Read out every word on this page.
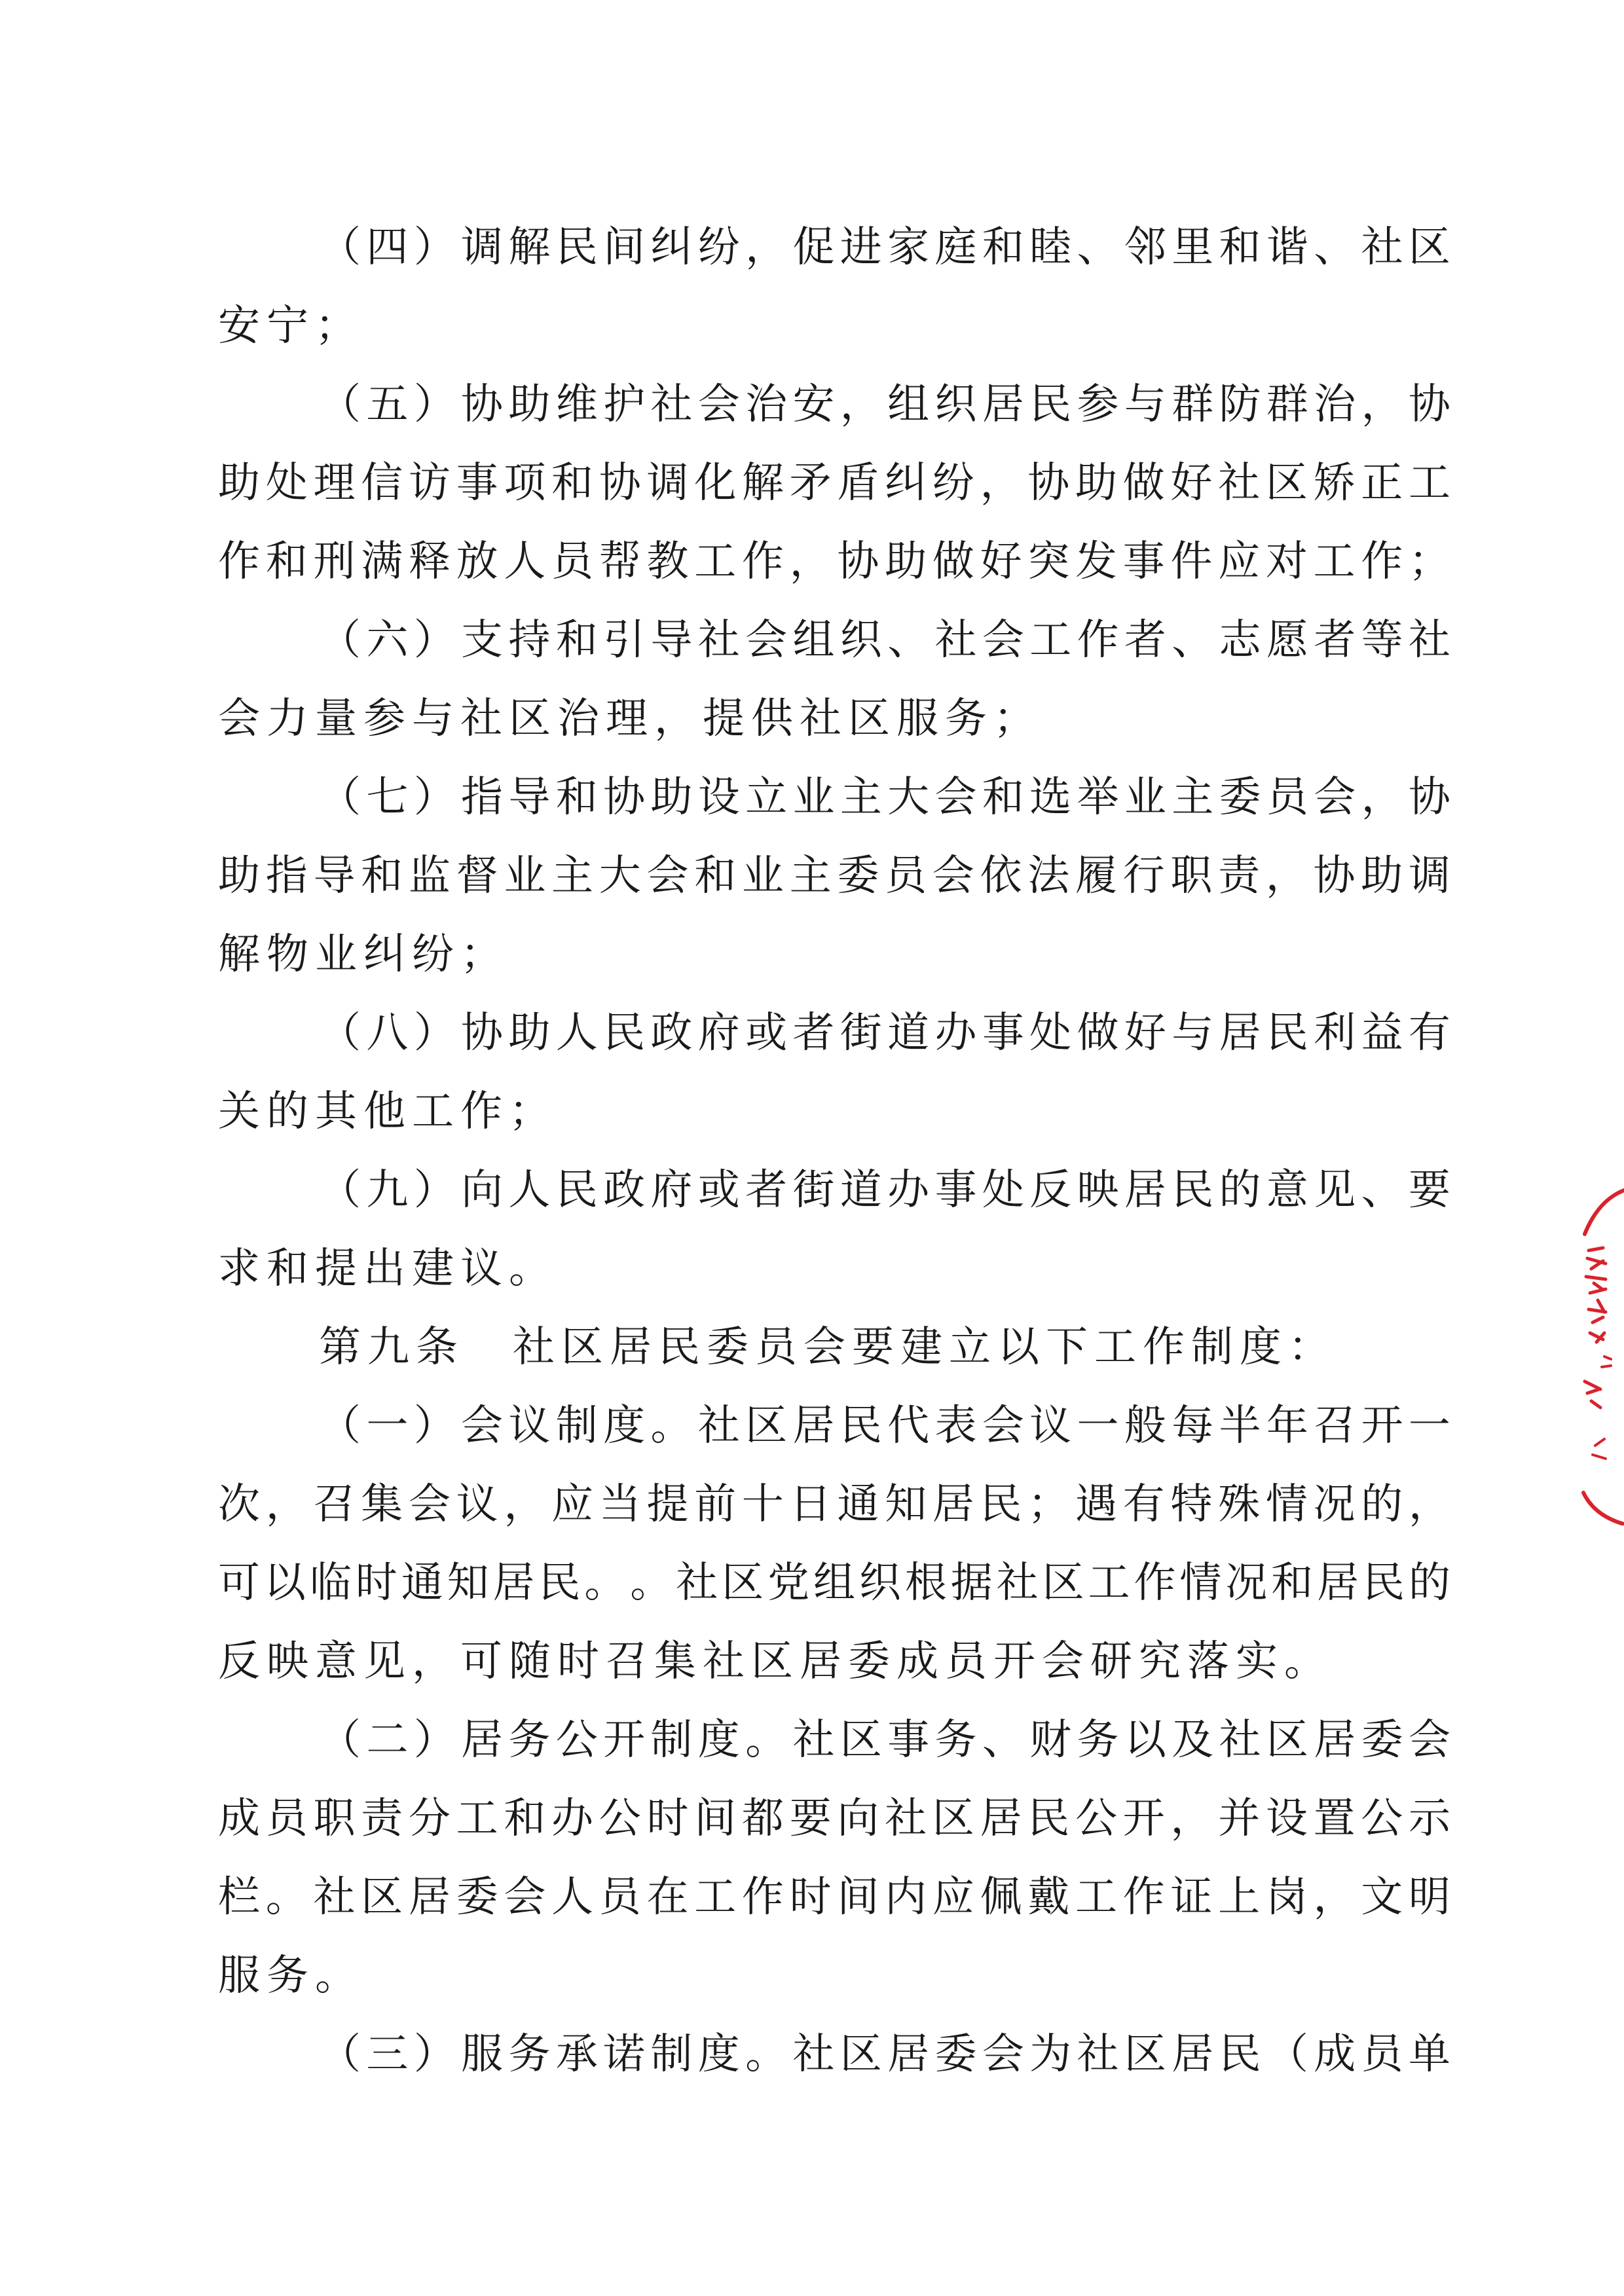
（ 四 ） 调 解 民 间 纠 纷 ， 促 进 家 庭 和 睦 、 邻 里 和 谐 、 社 区
安 宁 ；
（ 五 ） 协 助 维 护 社 会 治 安 ， 组 织 居 民 参 与 群 防 群 治 ， 协
助 处 理 信 访 事 项 和 协 调 化 解 矛 盾 纠 纷 ， 协 助 做 好 社 区 矫 正 工
作 和 刑 满 释 放 人 员 帮 教 工 作 ， 协 助 做 好 突 发 事 件 应 对 工 作 ；
（ 六 ） 支 持 和 引 导 社 会 组 织 、 社 会 工 作 者 、 志 愿 者 等 社
会 力 量 参 与 社 区 治 理 ， 提 供 社 区 服 务 ；
（ 七 ） 指 导 和 协 助 设 立 业 主 大 会 和 选 举 业 主 委 员 会 ， 协
助 指 导 和 监 督 业 主 大 会 和 业 主 委 员 会 依 法 履 行 职 责 ， 协 助 调
解 物 业 纠 纷 ；
（ 八 ） 协 助 人 民 政 府 或 者 街 道 办 事 处 做 好 与 居 民 利 益 有
关 的 其 他 工 作 ；
（ 九 ） 向 人 民 政 府 或 者 街 道 办 事 处 反 映 居 民 的 意 见 、 要
求 和 提 出 建 议 。
第 九 条
　 社 区 居 民 委 员 会 要 建 立 以 下 工 作 制 度 ：
（ 一 ） 会 议 制 度 。 社 区 居 民 代 表 会 议 一 般 每 半 年 召 开 一
次 ， 召 集 会 议 ， 应 当 提 前 十 日 通 知 居 民 ； 遇 有 特 殊 情 况 的 ，
可 以 临 时 通 知 居 民 。 。 社 区 党 组 织 根 据 社 区 工 作 情 况 和 居 民 的
反 映 意 见 ， 可 随 时 召 集 社 区 居 委 成 员 开 会 研 究 落 实 。
（ 二 ） 居 务 公 开 制 度 。 社 区 事 务 、 财 务 以 及 社 区 居 委 会
成 员 职 责 分 工 和 办 公 时 间 都 要 向 社 区 居 民 公 开 ， 并 设 置 公 示
栏 。 社 区 居 委 会 人 员 在 工 作 时 间 内 应 佩 戴 工 作 证 上 岗 ， 文 明
服 务 。
（ 三 ） 服 务 承 诺 制 度 。 社 区 居 委 会 为 社 区 居 民 （ 成 员 单
